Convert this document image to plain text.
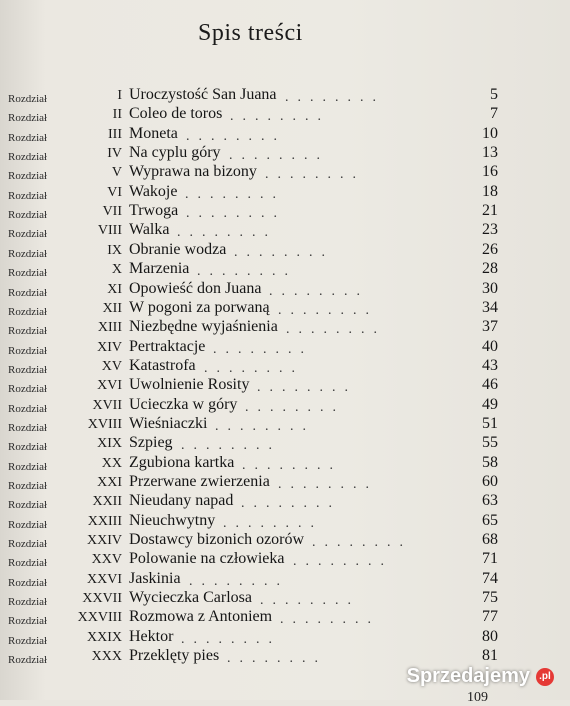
Spis treści
Rozdział	I Uroczystość San Juana ........	5
Rozdział	II Coleo de toros ........	7
Rozdział	III Moneta ........	10
Rozdział	IV Na cyplu góry ........	13
Rozdział	V Wyprawa na bizony ........	16
Rozdział	VI Wakoje ........	18
Rozdział	VII Trwoga ........	21
Rozdział	VIII Walka ........	23
Rozdział	IX Obranie wodza ........	26
Rozdział	X Marzenia ........	28
Rozdział	XI Opowieść don Juana ........	30
Rozdział	XII W pogoni za porwaną ........	34
Rozdział	XIII Niezbędne wyjaśnienia ........	37
Rozdział	XIV Pertraktacje ........	40
Rozdział	XV Katastrofa ........	43
Rozdział	XVI Uwolnienie Rosity ........	46
Rozdział	XVII Ucieczka w góry ........	49
Rozdział	XVIII Wieśniaczki ........	51
Rozdział	XIX Szpieg ........	55
Rozdział	XX Zgubiona kartka ........	58
Rozdział	XXI Przerwane zwierzenia ........	60
Rozdział	XXII Nieudany napad ........	63
Rozdział	XXIII Nieuchwytny ........	65
Rozdział	XXIV Dostawcy bizonich ozorów ........	68
Rozdział	XXV Polowanie na człowieka ........	71
Rozdział	XXVI Jaskinia ........	74
Rozdział	XXVII Wycieczka Carlosa ........	75
Rozdział	XXVIII Rozmowa z Antoniem ........	77
Rozdział	XXIX Hektor ........	80
Rozdział	XXX Przeklęty pies ........	81
109
Sprzedajemy .pl
